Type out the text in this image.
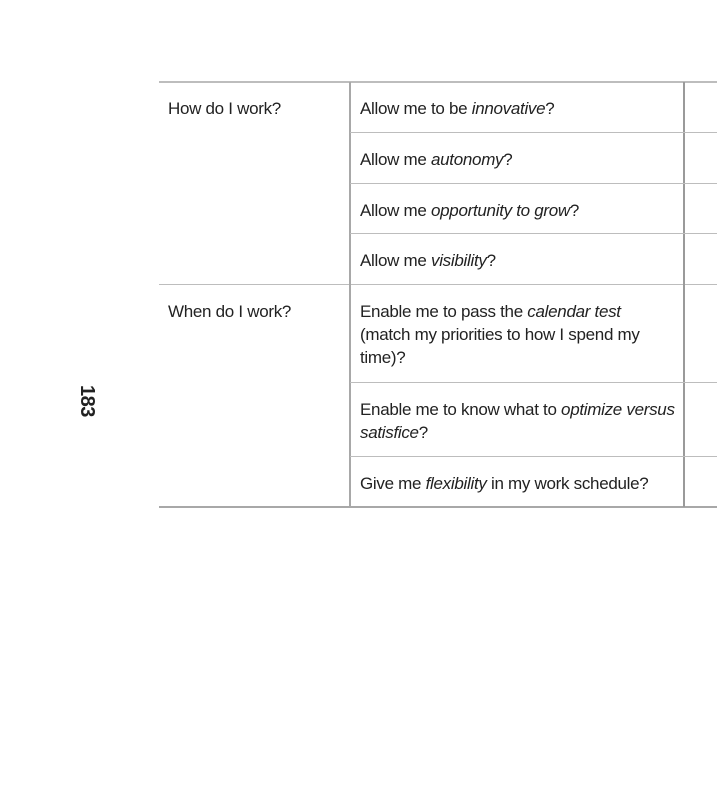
183
How do I work?
When do I work?
Allow me to be innovative?
Allow me autonomy?
Allow me opportunity to grow?
Allow me visibility?
Enable me to pass the calendar test (match my priorities to how I spend my time)?
Enable me to know what to optimize versus satisfice?
Give me flexibility in my work schedule?
